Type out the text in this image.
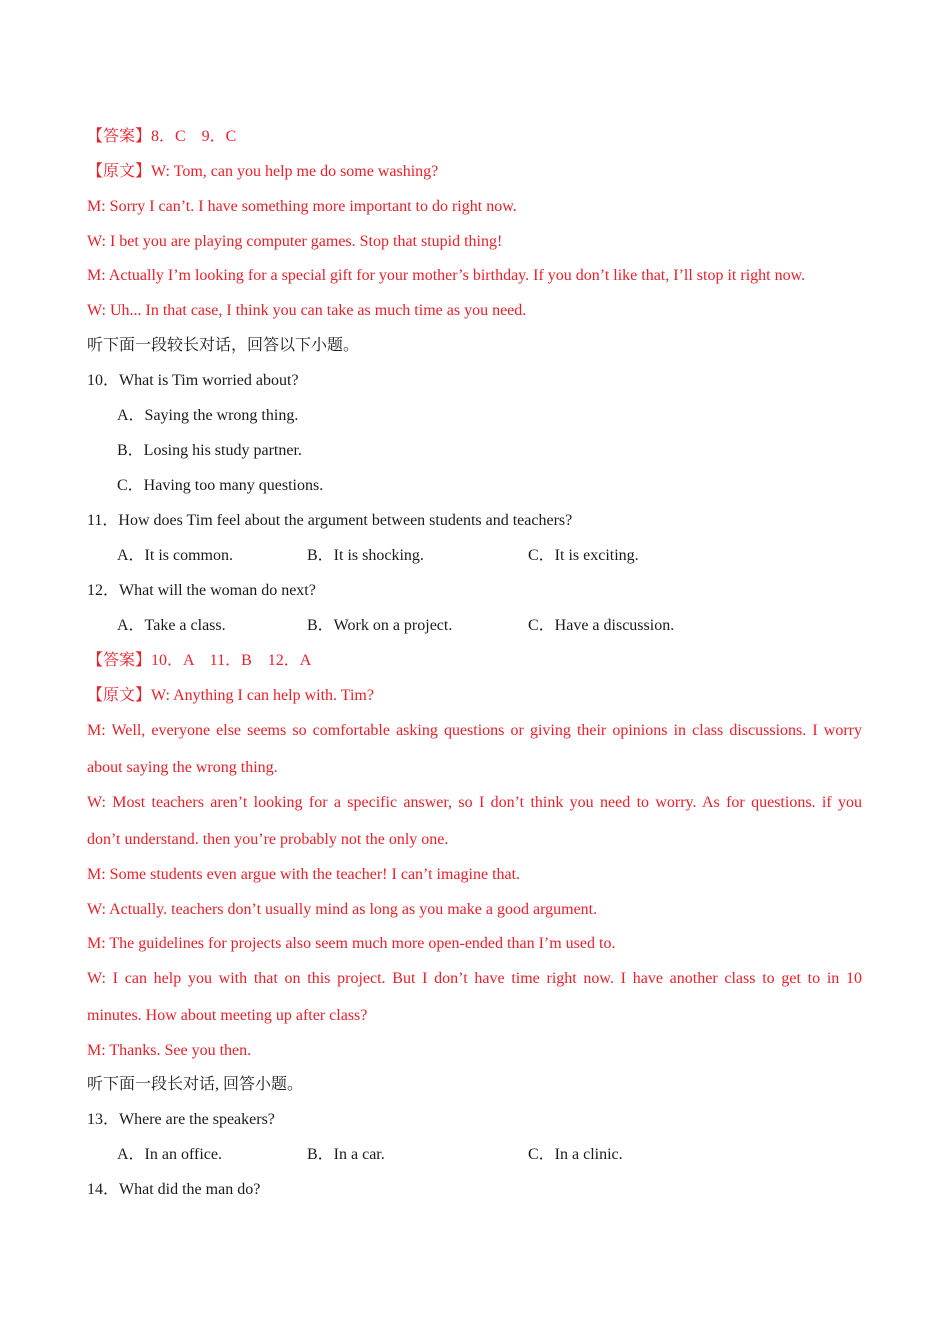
【答案】8．C　9．C
【原文】W: Tom, can you help me do some washing?
M: Sorry I can’t. I have something more important to do right now.
W: I bet you are playing computer games. Stop that stupid thing!
M: Actually I’m looking for a special gift for your mother’s birthday. If you don’t like that, I’ll stop it right now.
W: Uh... In that case, I think you can take as much time as you need.
听下面一段较长对话，回答以下小题。
10．What is Tim worried about?
A．Saying the wrong thing.
B．Losing his study partner.
C．Having too many questions.
11．How does Tim feel about the argument between students and teachers?
A．It is common.	B．It is shocking.	C．It is exciting.
12．What will the woman do next?
A．Take a class.	B．Work on a project.	C．Have a discussion.
【答案】10．A　11．B　12．A
【原文】W: Anything I can help with. Tim?
M: Well, everyone else seems so comfortable asking questions or giving their opinions in class discussions. I worry
about saying the wrong thing.
W: Most teachers aren’t looking for a specific answer, so I don’t think you need to worry. As for questions. if you
don’t understand. then you’re probably not the only one.
M: Some students even argue with the teacher! I can’t imagine that.
W: Actually. teachers don’t usually mind as long as you make a good argument.
M: The guidelines for projects also seem much more open-ended than I’m used to.
W: I can help you with that on this project. But I don’t have time right now. I have another class to get to in 10
minutes. How about meeting up after class?
M: Thanks. See you then.
听下面一段长对话, 回答小题。
13．Where are the speakers?
A．In an office.	B．In a car.	C．In a clinic.
14．What did the man do?
